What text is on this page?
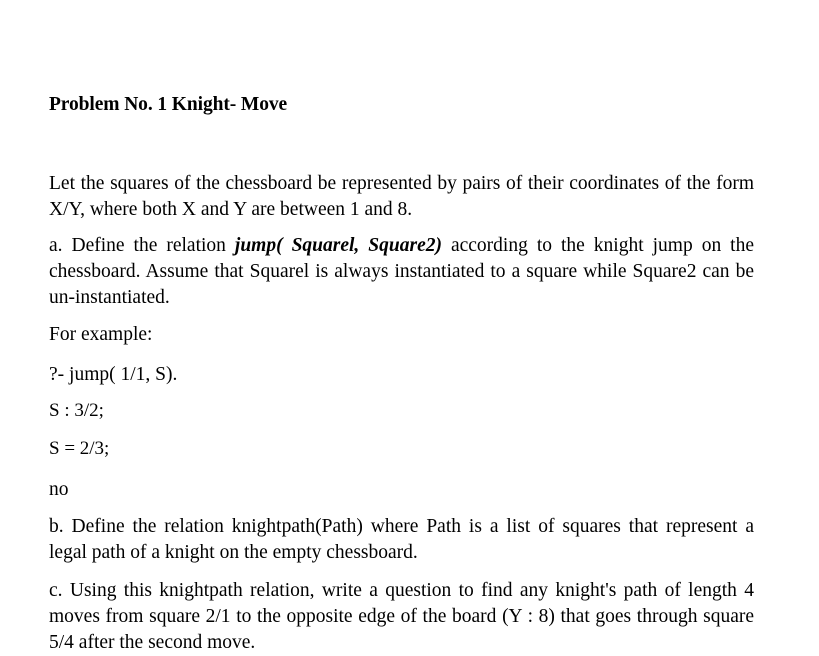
Problem No. 1 Knight- Move

Let the squares of the chessboard be represented by pairs of their coordinates of the form X/Y, where both X and Y are between 1 and 8.

a. Define the relation jump( Squarel, Square2) according to the knight jump on the chessboard. Assume that Squarel is always instantiated to a square while Square2 can be un-instantiated.

For example:

?- jump( 1/1, S).

S : 3/2;

S = 2/3;

no

b. Define the relation knightpath(Path) where Path is a list of squares that represent a legal path of a knight on the empty chessboard.

c. Using this knightpath relation, write a question to find any knight's path of length 4 moves from square 2/1 to the opposite edge of the board (Y : 8) that goes through square 5/4 after the second move.
